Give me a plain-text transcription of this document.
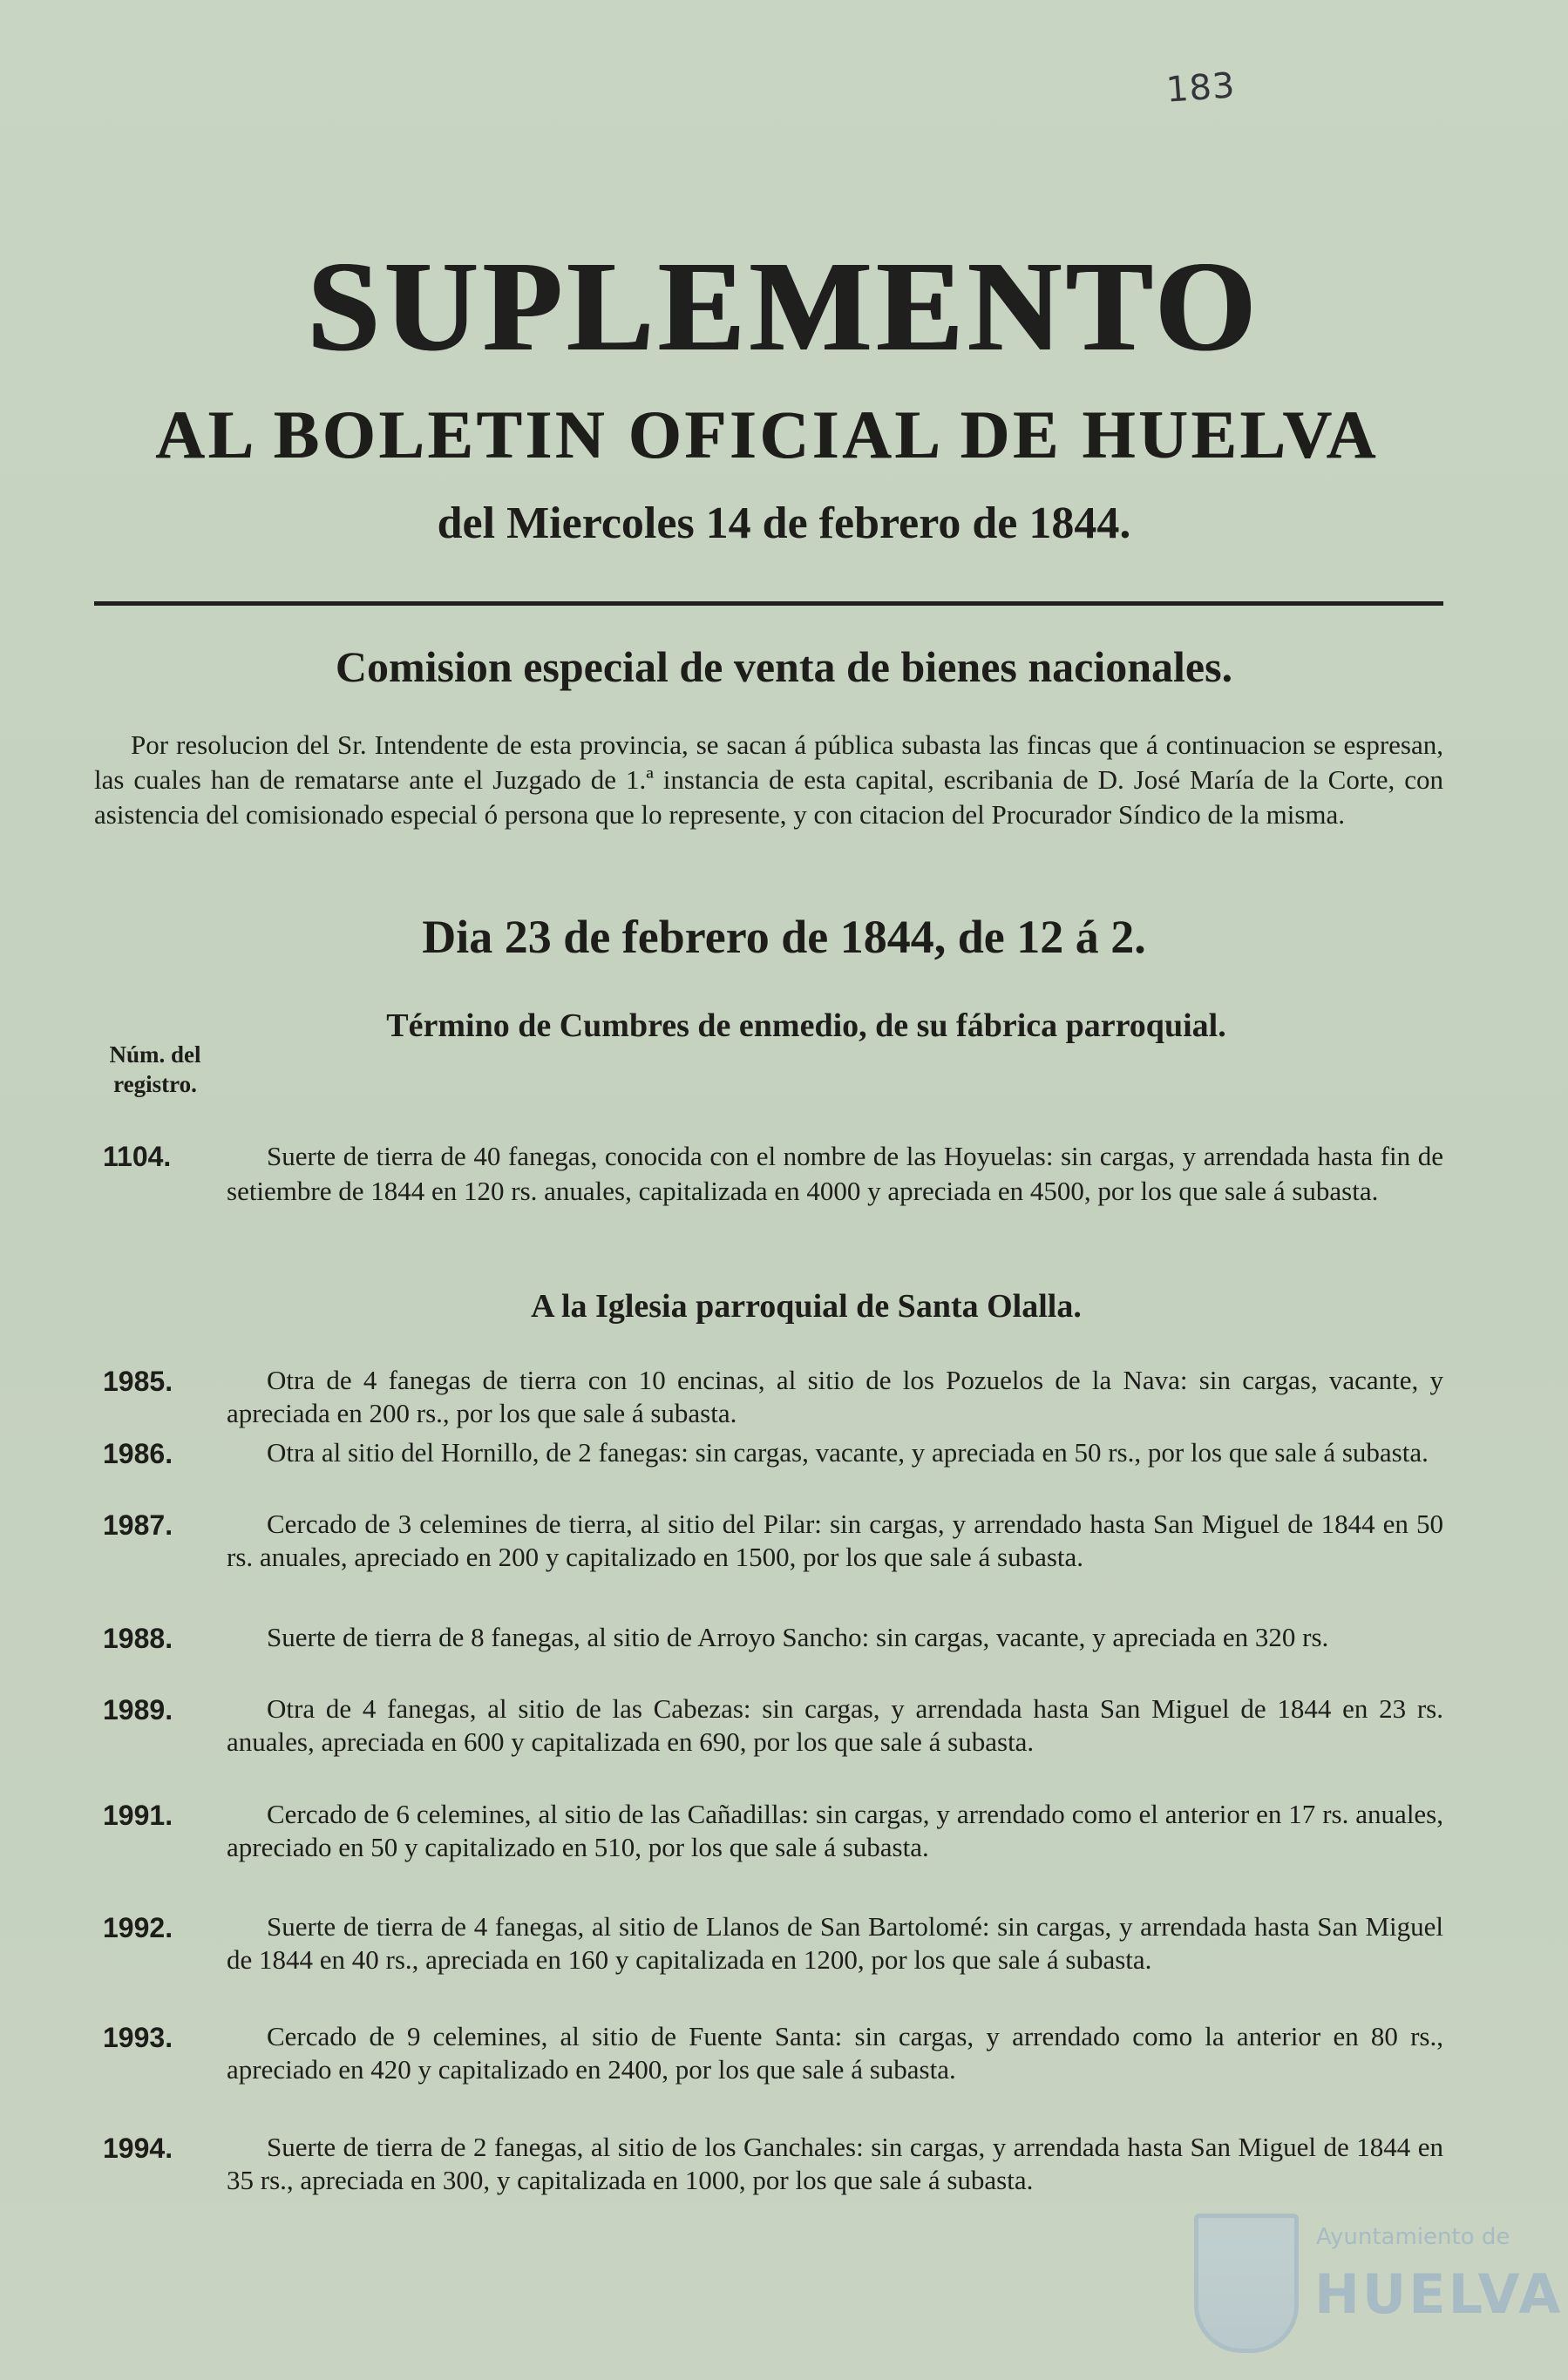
183
SUPLEMENTO
AL BOLETIN OFICIAL DE HUELVA
del Miercoles 14 de febrero de 1844.
Comision especial de venta de bienes nacionales.
Por resolucion del Sr. Intendente de esta provincia, se sacan á pública subasta las fincas que á continuacion se espresan, las cuales han de rematarse ante el Juzgado de 1.ª instancia de esta capital, escribania de D. José María de la Corte, con asistencia del comisionado especial ó persona que lo represente, y con citacion del Procurador Síndico de la misma.
Dia 23 de febrero de 1844, de 12 á 2.
Término de Cumbres de enmedio, de su fábrica parroquial.
Núm. del registro.
1104.	Suerte de tierra de 40 fanegas, conocida con el nombre de las Hoyuelas: sin cargas, y arrendada hasta fin de setiembre de 1844 en 120 rs. anuales, capitalizada en 4000 y apreciada en 4500, por los que sale á subasta.
A la Iglesia parroquial de Santa Olalla.
1985.	Otra de 4 fanegas de tierra con 10 encinas, al sitio de los Pozuelos de la Nava: sin cargas, vacante, y apreciada en 200 rs., por los que sale á subasta.
1986.	Otra al sitio del Hornillo, de 2 fanegas: sin cargas, vacante, y apreciada en 50 rs., por los que sale á subasta.
1987.	Cercado de 3 celemines de tierra, al sitio del Pilar: sin cargas, y arrendado hasta San Miguel de 1844 en 50 rs. anuales, apreciado en 200 y capitalizado en 1500, por los que sale á subasta.
1988.	Suerte de tierra de 8 fanegas, al sitio de Arroyo Sancho: sin cargas, vacante, y apreciada en 320 rs.
1989.	Otra de 4 fanegas, al sitio de las Cabezas: sin cargas, y arrendada hasta San Miguel de 1844 en 23 rs. anuales, apreciada en 600 y capitalizada en 690, por los que sale á subasta.
1991.	Cercado de 6 celemines, al sitio de las Cañadillas: sin cargas, y arrendado como el anterior en 17 rs. anuales, apreciado en 50 y capitalizado en 510, por los que sale á subasta.
1992.	Suerte de tierra de 4 fanegas, al sitio de Llanos de San Bartolomé: sin cargas, y arrendada hasta San Miguel de 1844 en 40 rs., apreciada en 160 y capitalizada en 1200, por los que sale á subasta.
1993.	Cercado de 9 celemines, al sitio de Fuente Santa: sin cargas, y arrendado como la anterior en 80 rs., apreciado en 420 y capitalizado en 2400, por los que sale á subasta.
1994.	Suerte de tierra de 2 fanegas, al sitio de los Ganchales: sin cargas, y arrendada hasta San Miguel de 1844 en 35 rs., apreciada en 300, y capitalizada en 1000, por los que sale á subasta.
Ayuntamiento de
HUELVA
